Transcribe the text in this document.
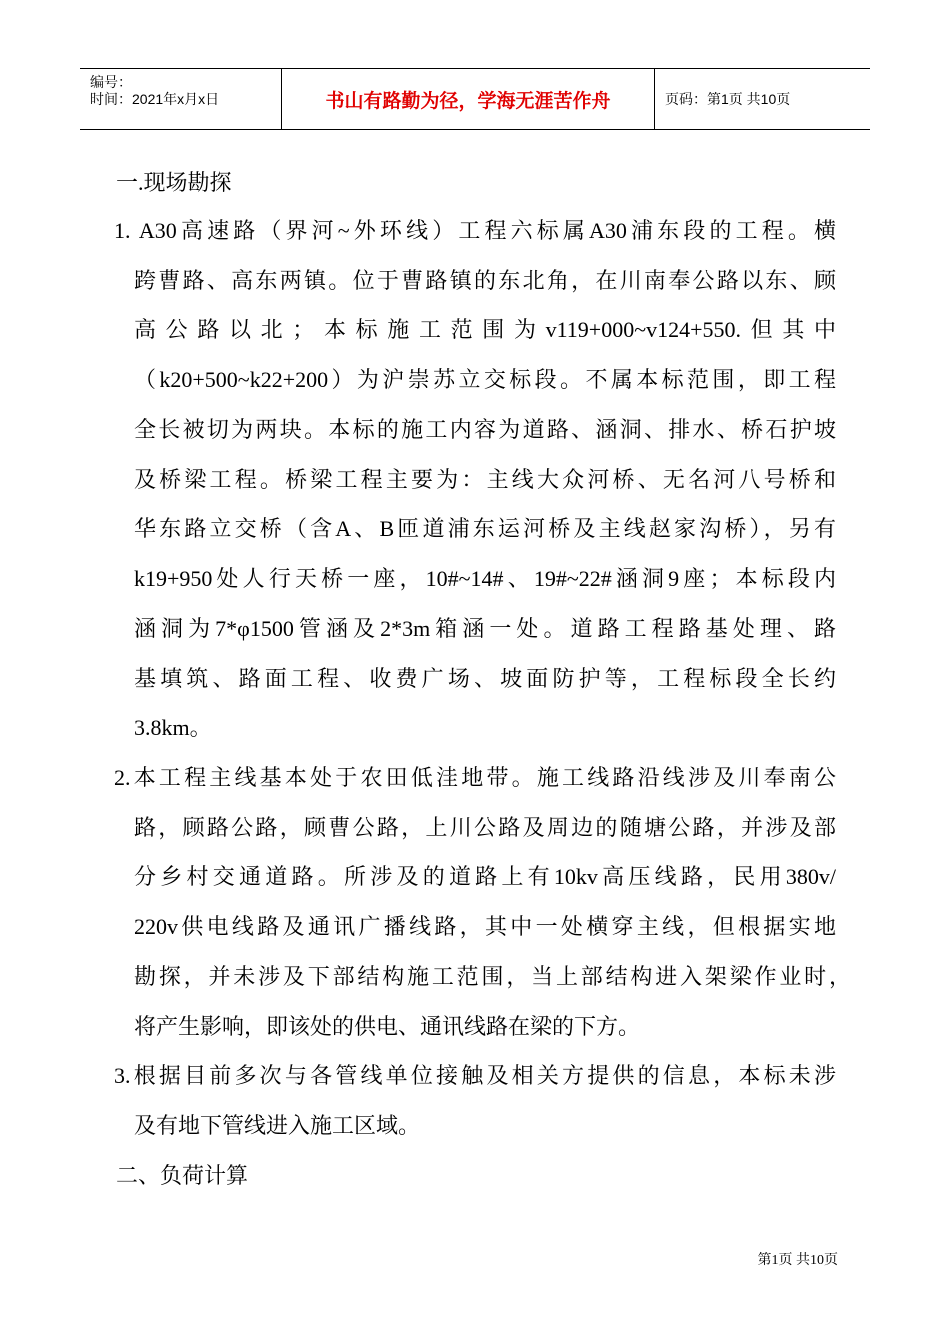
编号：
时间：2021年x月x日	书山有路勤为径，学海无涯苦作舟	页码：第1页 共10页
一.现场勘探
1. A30高速路（界河~外环线）工程六标属A30浦东段的工程。横
跨曹路、高东两镇。位于曹路镇的东北角，在川南奉公路以东、顾
高公路以北；本标施工范围为v119+000~v124+550.但其中
（k20+500~k22+200）为沪崇苏立交标段。不属本标范围，即工程
全长被切为两块。本标的施工内容为道路、涵洞、排水、桥石护坡
及桥梁工程。桥梁工程主要为：主线大众河桥、无名河八号桥和
华东路立交桥（含A、B匝道浦东运河桥及主线赵家沟桥），另有
k19+950处人行天桥一座，10#~14#、19#~22#涵洞9座；本标段内
涵洞为7*φ1500管涵及2*3m箱涵一处。道路工程路基处理、路
基填筑、路面工程、收费广场、坡面防护等，工程标段全长约
3.8km。
2.本工程主线基本处于农田低洼地带。施工线路沿线涉及川奉南公
路，顾路公路，顾曹公路，上川公路及周边的随塘公路，并涉及部
分乡村交通道路。所涉及的道路上有10kv高压线路，民用380v/
220v供电线路及通讯广播线路，其中一处横穿主线，但根据实地
勘探，并未涉及下部结构施工范围，当上部结构进入架梁作业时，
将产生影响，即该处的供电、通讯线路在梁的下方。
3.根据目前多次与各管线单位接触及相关方提供的信息，本标未涉
及有地下管线进入施工区域。
二、负荷计算
第1页 共10页
